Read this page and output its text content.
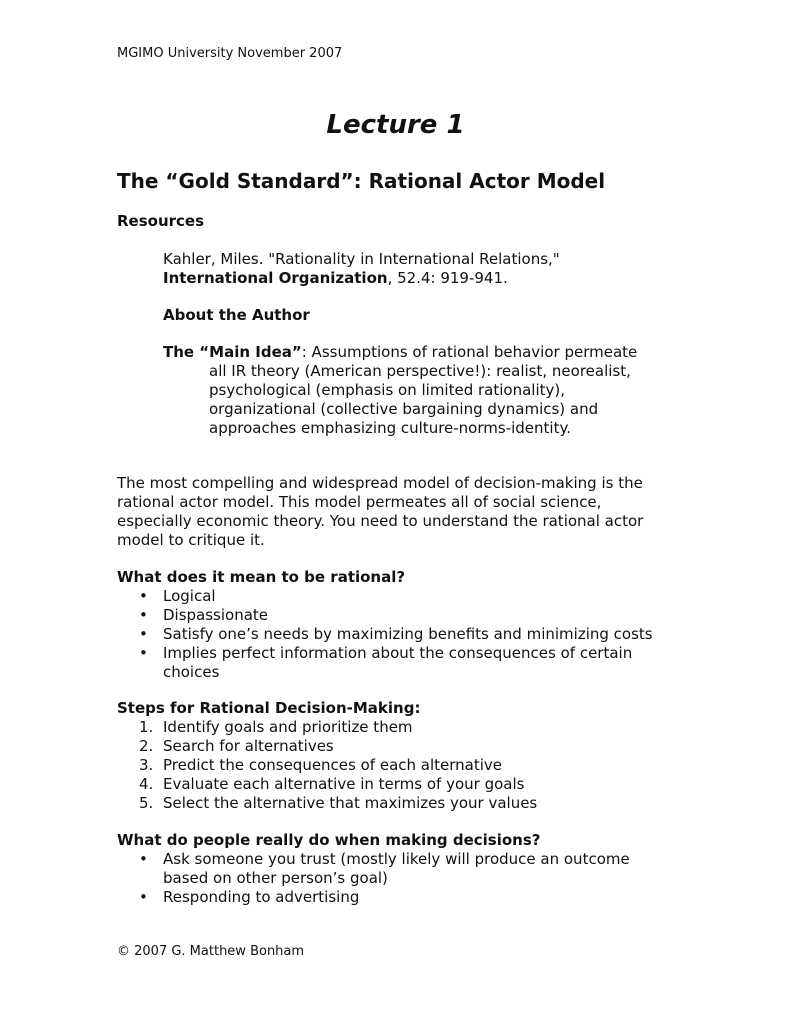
MGIMO University November 2007
Lecture 1
The “Gold Standard”: Rational Actor Model
Resources
Kahler, Miles. "Rationality in International Relations,"
International Organization, 52.4: 919-941.
About the Author
The “Main Idea”: Assumptions of rational behavior permeate
all IR theory (American perspective!): realist, neorealist,
psychological (emphasis on limited rationality),
organizational (collective bargaining dynamics) and
approaches emphasizing culture-norms-identity.
The most compelling and widespread model of decision-making is the
rational actor model. This model permeates all of social science,
especially economic theory. You need to understand the rational actor
model to critique it.
What does it mean to be rational?
• Logical
• Dispassionate
• Satisfy one’s needs by maximizing benefits and minimizing costs
• Implies perfect information about the consequences of certain
choices
Steps for Rational Decision-Making:
1. Identify goals and prioritize them
2. Search for alternatives
3. Predict the consequences of each alternative
4. Evaluate each alternative in terms of your goals
5. Select the alternative that maximizes your values
What do people really do when making decisions?
• Ask someone you trust (mostly likely will produce an outcome
based on other person’s goal)
• Responding to advertising
© 2007 G. Matthew Bonham
